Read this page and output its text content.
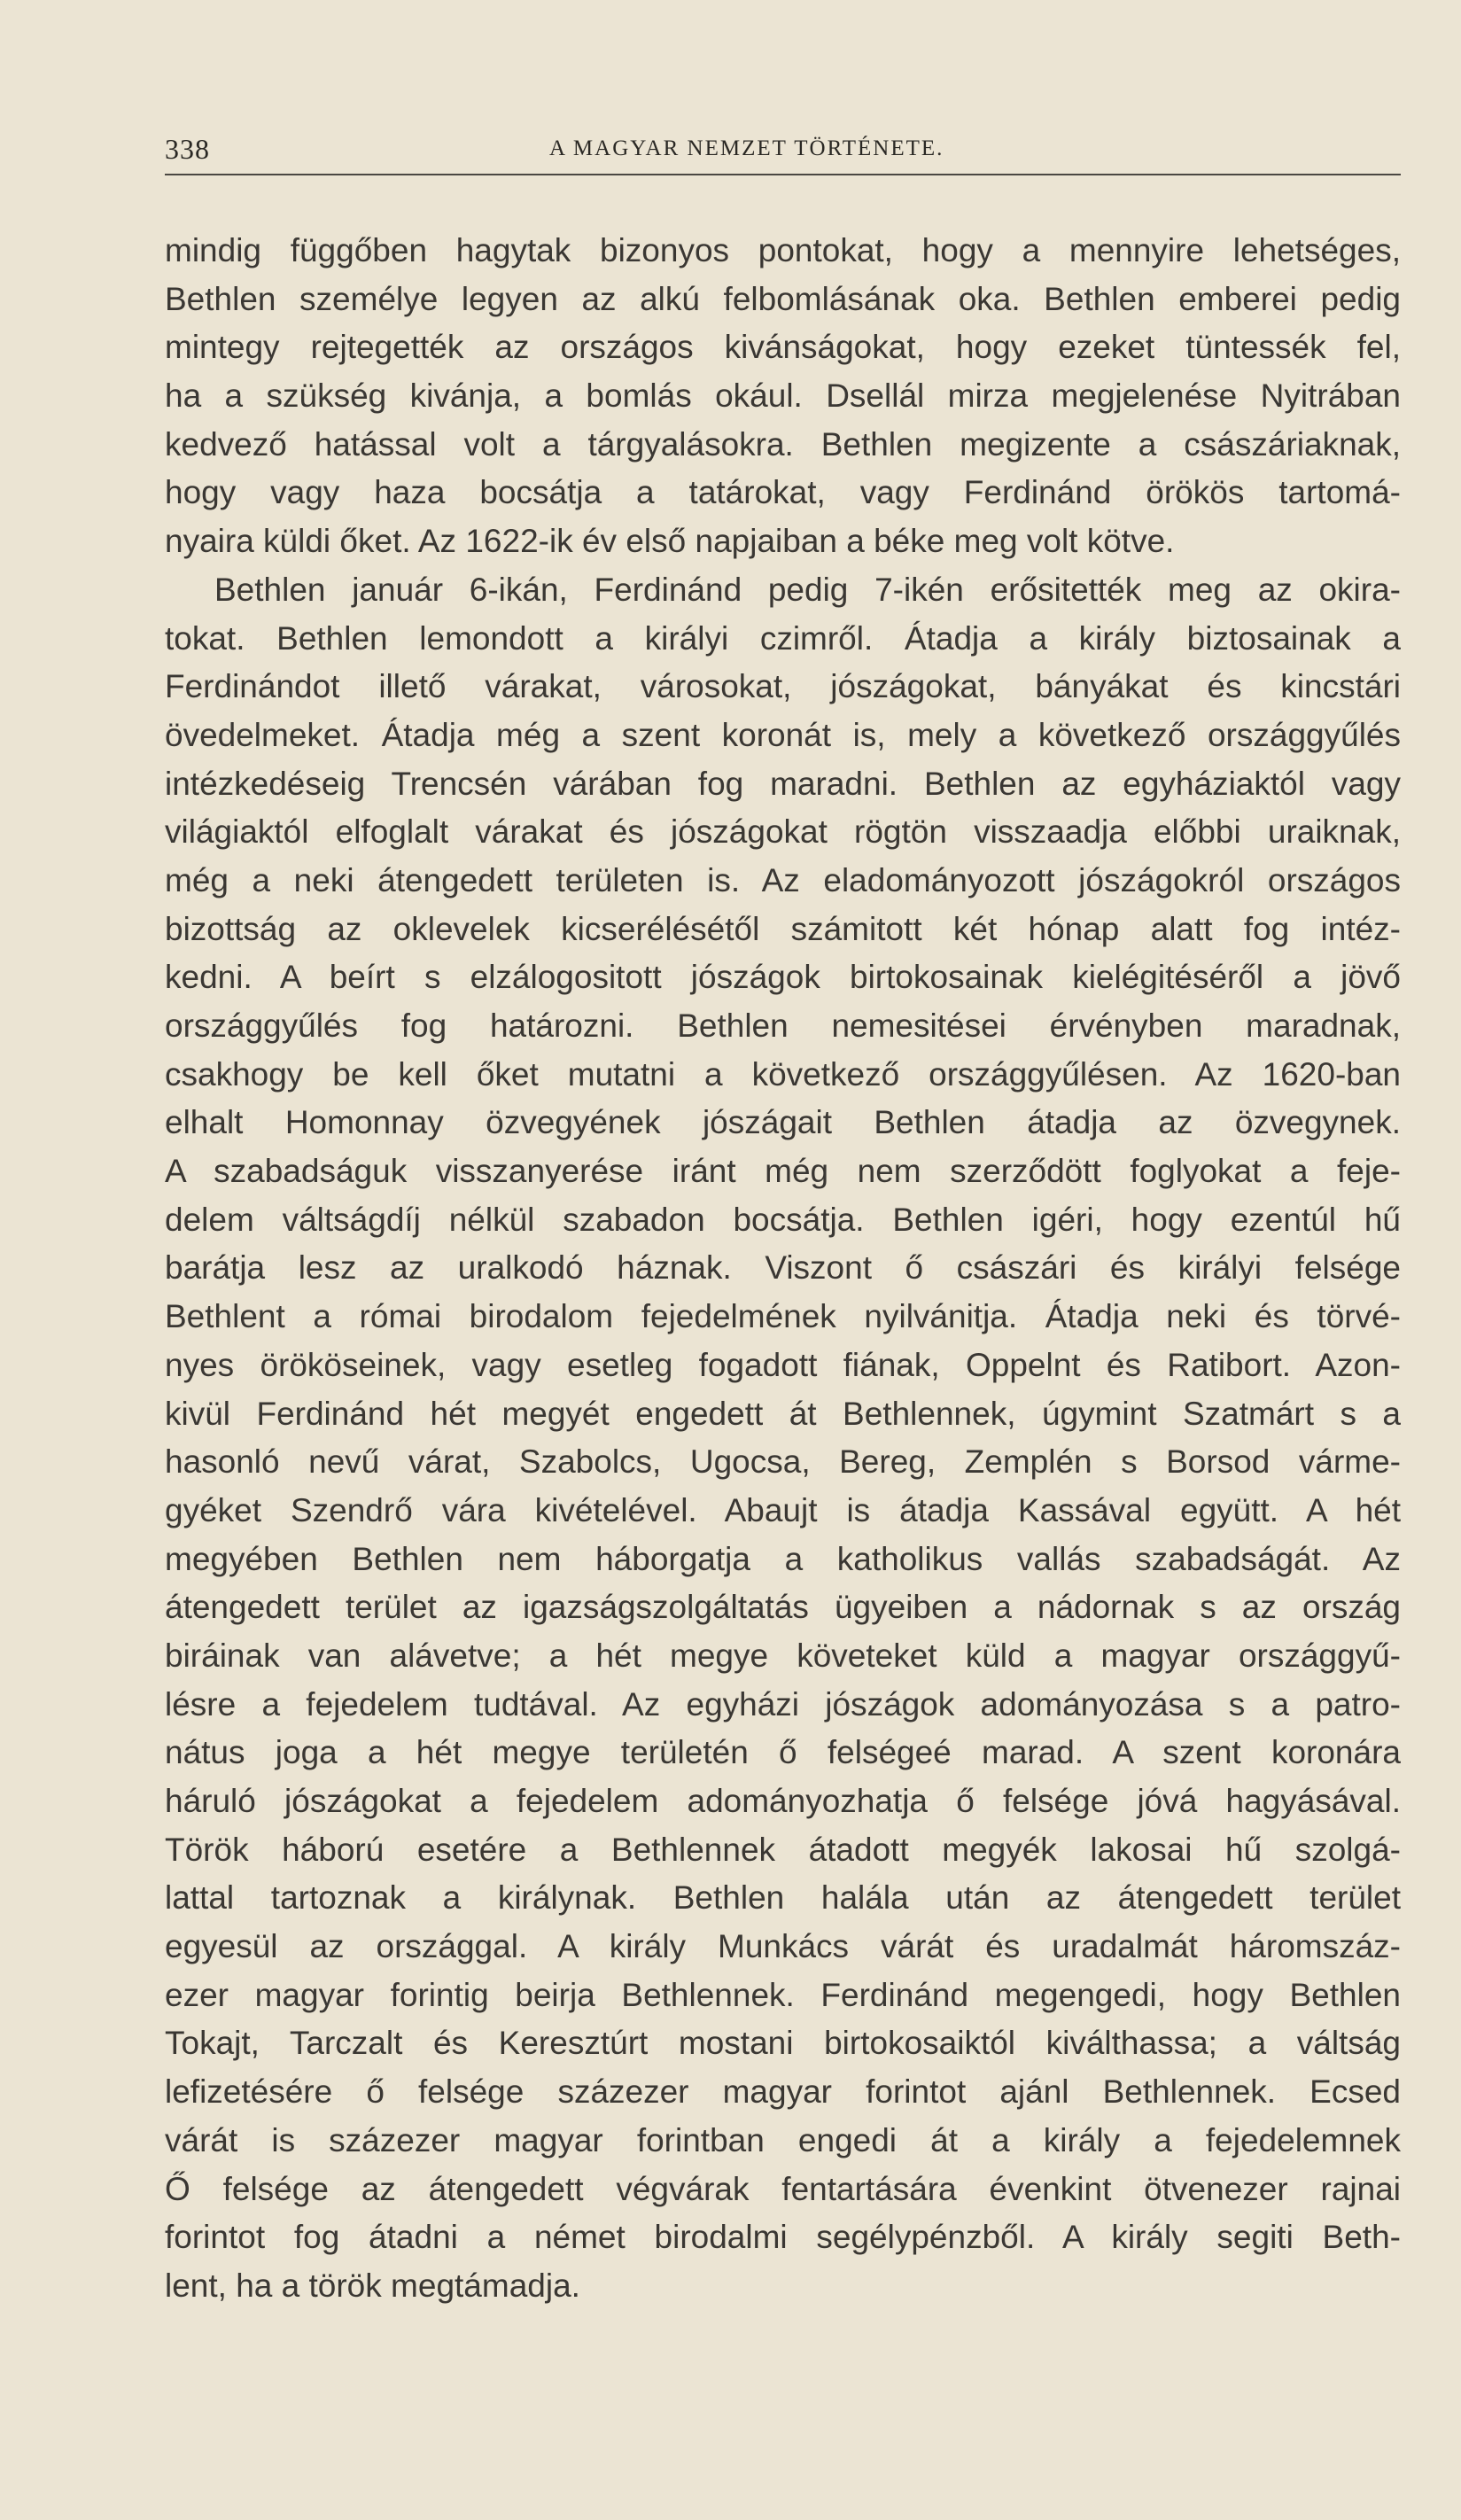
338	A MAGYAR NEMZET TÖRTÉNETE.
mindig függőben hagytak bizonyos pontokat, hogy a mennyire lehetséges,
Bethlen személye legyen az alkú felbomlásának oka. Bethlen emberei pedig
mintegy rejtegették az országos kivánságokat, hogy ezeket tüntessék fel,
ha a szükség kivánja, a bomlás okául. Dsellál mirza megjelenése Nyitrában
kedvező hatással volt a tárgyalásokra. Bethlen megizente a császáriaknak,
hogy vagy haza bocsátja a tatárokat, vagy Ferdinánd örökös tartomá-
nyaira küldi őket. Az 1622-ik év első napjaiban a béke meg volt kötve.
Bethlen január 6-ikán, Ferdinánd pedig 7-ikén erősitették meg az okira-
tokat. Bethlen lemondott a királyi czimről. Átadja a király biztosainak a
Ferdinándot illető várakat, városokat, jószágokat, bányákat és kincstári
övedelmeket. Átadja még a szent koronát is, mely a következő országgyűlés
intézkedéseig Trencsén várában fog maradni. Bethlen az egyháziaktól vagy
világiaktól elfoglalt várakat és jószágokat rögtön visszaadja előbbi uraiknak,
még a neki átengedett területen is. Az eladományozott jószágokról országos
bizottság az oklevelek kicserélésétől számitott két hónap alatt fog intéz-
kedni. A beírt s elzálogositott jószágok birtokosainak kielégitéséről a jövő
országgyűlés fog határozni. Bethlen nemesitései érvényben maradnak,
csakhogy be kell őket mutatni a következő országgyűlésen. Az 1620-ban
elhalt Homonnay özvegyének jószágait Bethlen átadja az özvegynek.
A szabadságuk visszanyerése iránt még nem szerződött foglyokat a feje-
delem váltságdíj nélkül szabadon bocsátja. Bethlen igéri, hogy ezentúl hű
barátja lesz az uralkodó háznak. Viszont ő császári és királyi felsége
Bethlent a római birodalom fejedelmének nyilvánitja. Átadja neki és törvé-
nyes örököseinek, vagy esetleg fogadott fiának, Oppelnt és Ratibort. Azon-
kivül Ferdinánd hét megyét engedett át Bethlennek, úgymint Szatmárt s a
hasonló nevű várat, Szabolcs, Ugocsa, Bereg, Zemplén s Borsod várme-
gyéket Szendrő vára kivételével. Abaujt is átadja Kassával együtt. A hét
megyében Bethlen nem háborgatja a katholikus vallás szabadságát. Az
átengedett terület az igazságszolgáltatás ügyeiben a nádornak s az ország
biráinak van alávetve; a hét megye követeket küld a magyar országgyű-
lésre a fejedelem tudtával. Az egyházi jószágok adományozása s a patro-
nátus joga a hét megye területén ő felségeé marad. A szent koronára
háruló jószágokat a fejedelem adományozhatja ő felsége jóvá hagyásával.
Török háború esetére a Bethlennek átadott megyék lakosai hű szolgá-
lattal tartoznak a királynak. Bethlen halála után az átengedett terület
egyesül az országgal. A király Munkács várát és uradalmát háromszáz-
ezer magyar forintig beirja Bethlennek. Ferdinánd megengedi, hogy Bethlen
Tokajt, Tarczalt és Keresztúrt mostani birtokosaiktól kiválthassa; a váltság
lefizetésére ő felsége százezer magyar forintot ajánl Bethlennek. Ecsed
várát is százezer magyar forintban engedi át a király a fejedelemnek
Ő felsége az átengedett végvárak fentartására évenkint ötvenezer rajnai
forintot fog átadni a német birodalmi segélypénzből. A király segiti Beth-
lent, ha a török megtámadja.
